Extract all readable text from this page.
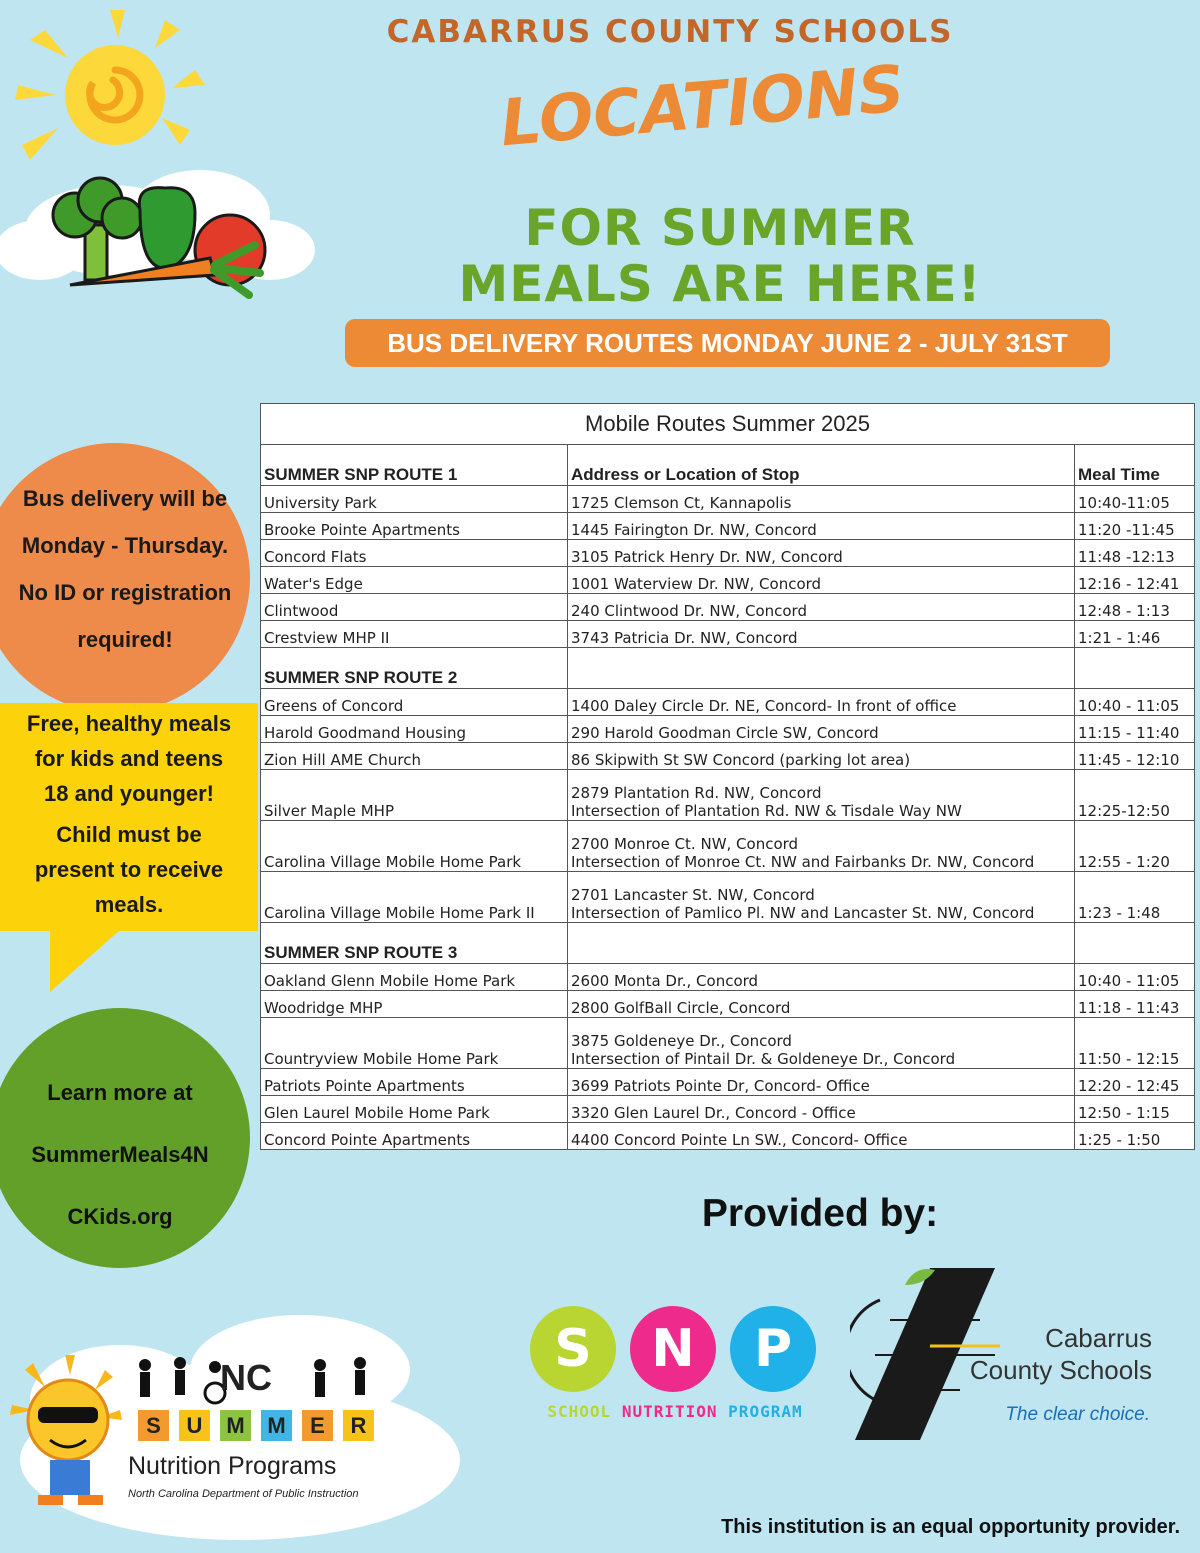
CABARRUS COUNTY SCHOOLS
LOCATIONS
FOR SUMMER
MEALS ARE HERE!
BUS DELIVERY ROUTES MONDAY JUNE 2 - JULY 31ST
Bus delivery will be
Monday - Thursday.
No ID or registration
required!

Free, healthy meals
for kids and teens
18 and younger!

Child must be
present to receive
meals.

Learn more at
SummerMeals4N
CKids.org
Mobile Routes Summer 2025		
SUMMER SNP ROUTE 1	Address or Location of Stop	Meal Time
University Park	1725 Clemson Ct, Kannapolis	10:40-11:05
Brooke Pointe Apartments	1445 Fairington Dr. NW, Concord	11:20 -11:45
Concord Flats	3105 Patrick Henry Dr. NW, Concord	11:48 -12:13
Water's Edge	1001 Waterview Dr. NW, Concord	12:16 - 12:41
Clintwood	240 Clintwood Dr. NW, Concord	12:48 - 1:13
Crestview MHP II	3743 Patricia Dr. NW, Concord	1:21 - 1:46
SUMMER SNP ROUTE 2		
Greens of Concord	1400 Daley Circle Dr. NE, Concord- In front of office	10:40 - 11:05
Harold Goodmand Housing	290 Harold Goodman Circle SW, Concord	11:15 - 11:40
Zion Hill AME Church	86 Skipwith St SW Concord (parking lot area)	11:45 - 12:10
Silver Maple MHP	2879 Plantation Rd. NW, Concord
Intersection of Plantation Rd. NW & Tisdale Way NW	12:25-12:50
Carolina Village Mobile Home Park	2700 Monroe Ct. NW, Concord
Intersection of Monroe Ct. NW and Fairbanks Dr. NW, Concord	12:55 - 1:20
Carolina Village Mobile Home Park II	2701 Lancaster St. NW, Concord
Intersection of Pamlico Pl. NW and Lancaster St. NW, Concord	1:23 - 1:48
SUMMER SNP ROUTE 3		
Oakland Glenn Mobile Home Park	2600 Monta Dr., Concord	10:40 - 11:05
Woodridge MHP	2800 GolfBall Circle, Concord	11:18 - 11:43
Countryview Mobile Home Park	3875 Goldeneye Dr., Concord
Intersection of Pintail Dr. & Goldeneye Dr., Concord	11:50 - 12:15
Patriots Pointe Apartments	3699 Patriots Pointe Dr, Concord- Office	12:20 - 12:45
Glen Laurel Mobile Home Park	3320 Glen Laurel Dr., Concord - Office	12:50 - 1:15
Concord Pointe Apartments	4400 Concord Pointe Ln SW., Concord- Office	1:25 - 1:50
Provided by:
S	N	P
SCHOOL NUTRITION PROGRAM
Cabarrus
County Schools
The clear choice.
NC
S	U	M M	E	R
Nutrition Programs
North Carolina Department of Public Instruction
This institution is an equal opportunity provider.
